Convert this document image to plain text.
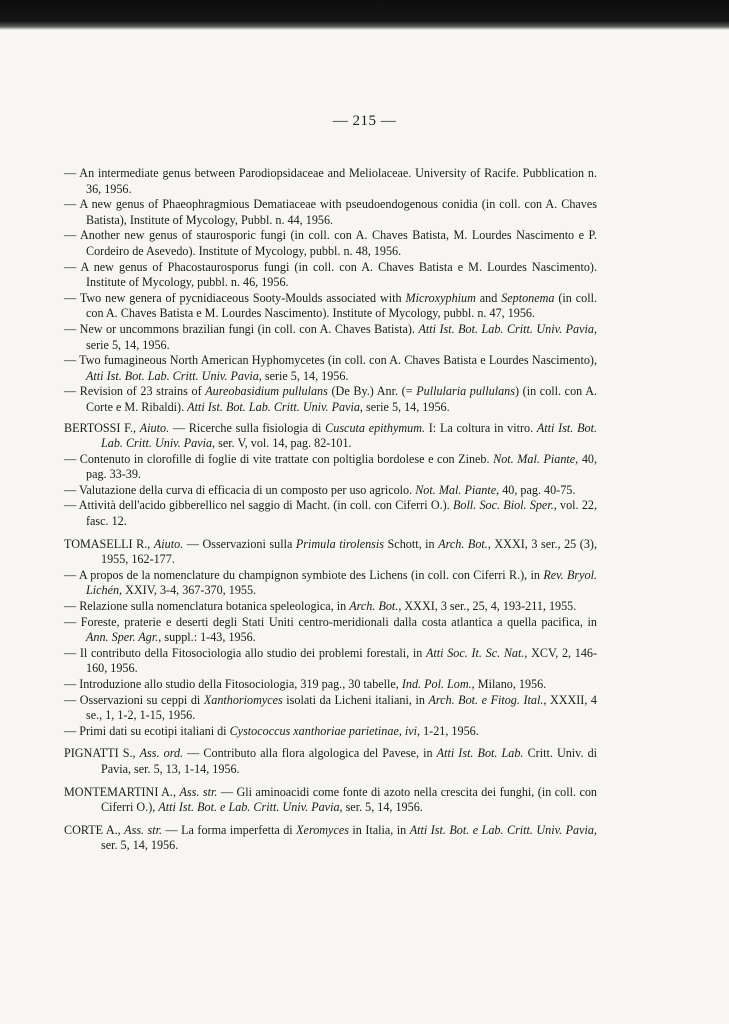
— 215 —
— An intermediate genus between Parodiopsidaceae and Meliolaceae. University of Racife. Pubblication n. 36, 1956.
— A new genus of Phaeophragmious Dematiaceae with pseudoendogenous conidia (in coll. con A. Chaves Batista), Institute of Mycology, Pubbl. n. 44, 1956.
— Another new genus of staurosporic fungi (in coll. con A. Chaves Batista, M. Lourdes Nascimento e P. Cordeiro de Asevedo). Institute of Mycology, pubbl. n. 48, 1956.
— A new genus of Phacostaurosporus fungi (in coll. con A. Chaves Batista e M. Lourdes Nascimento). Institute of Mycology, pubbl. n. 46, 1956.
— Two new genera of pycnidiaceous Sooty-Moulds associated with Microxyphium and Septonema (in coll. con A. Chaves Batista e M. Lourdes Nascimento). Institute of Mycology, pubbl. n. 47, 1956.
— New or uncommons brazilian fungi (in coll. con A. Chaves Batista). Atti Ist. Bot. Lab. Critt. Univ. Pavia, serie 5, 14, 1956.
— Two fumagineous North American Hyphomycetes (in coll. con A. Chaves Batista e Lourdes Nascimento), Atti Ist. Bot. Lab. Critt. Univ. Pavia, serie 5, 14, 1956.
— Revision of 23 strains of Aureobasidium pullulans (De By.) Anr. (= Pullularia pullulans) (in coll. con A. Corte e M. Ribaldi). Atti Ist. Bot. Lab. Critt. Univ. Pavia, serie 5, 14, 1956.
BERTOSSI F., Aiuto. — Ricerche sulla fisiologia di Cuscuta epithymum. I: La coltura in vitro. Atti Ist. Bot. Lab. Critt. Univ. Pavia, ser. V, vol. 14, pag. 82-101.
— Contenuto in clorofille di foglie di vite trattate con poltiglia bordolese e con Zineb. Not. Mal. Piante, 40, pag. 33-39.
— Valutazione della curva di efficacia di un composto per uso agricolo. Not. Mal. Piante, 40, pag. 40-75.
— Attività dell'acido gibberellico nel saggio di Macht. (in coll. con Ciferri O.). Boll. Soc. Biol. Sper., vol. 22, fasc. 12.
TOMASELLI R., Aiuto. — Osservazioni sulla Primula tirolensis Schott, in Arch. Bot., XXXI, 3 ser., 25 (3), 1955, 162-177.
— A propos de la nomenclature du champignon symbiote des Lichens (in coll. con Ciferri R.), in Rev. Bryol. Lichén, XXIV, 3-4, 367-370, 1955.
— Relazione sulla nomenclatura botanica speleologica, in Arch. Bot., XXXI, 3 ser., 25, 4, 193-211, 1955.
— Foreste, praterie e deserti degli Stati Uniti centro-meridionali dalla costa atlantica a quella pacifica, in Ann. Sper. Agr., suppl.: 1-43, 1956.
— Il contributo della Fitosociologia allo studio dei problemi forestali, in Atti Soc. It. Sc. Nat., XCV, 2, 146-160, 1956.
— Introduzione allo studio della Fitosociologia, 319 pag., 30 tabelle, Ind. Pol. Lom., Milano, 1956.
— Osservazioni su ceppi di Xanthoriomyces isolati da Licheni italiani, in Arch. Bot. e Fitog. Ital., XXXII, 4 se., 1, 1-2, 1-15, 1956.
— Primi dati su ecotipi italiani di Cystococcus xanthoriae parietinae, ivi, 1-21, 1956.
PIGNATTI S., Ass. ord. — Contributo alla flora algologica del Pavese, in Atti Ist. Bot. Lab. Critt. Univ. di Pavia, ser. 5, 13, 1-14, 1956.
MONTEMARTINI A., Ass. str. — Gli aminoacidi come fonte di azoto nella crescita dei funghi, (in coll. con Ciferri O.), Atti Ist. Bot. e Lab. Critt. Univ. Pavia, ser. 5, 14, 1956.
CORTE A., Ass. str. — La forma imperfetta di Xeromyces in Italia, in Atti Ist. Bot. e Lab. Critt. Univ. Pavia, ser. 5, 14, 1956.
